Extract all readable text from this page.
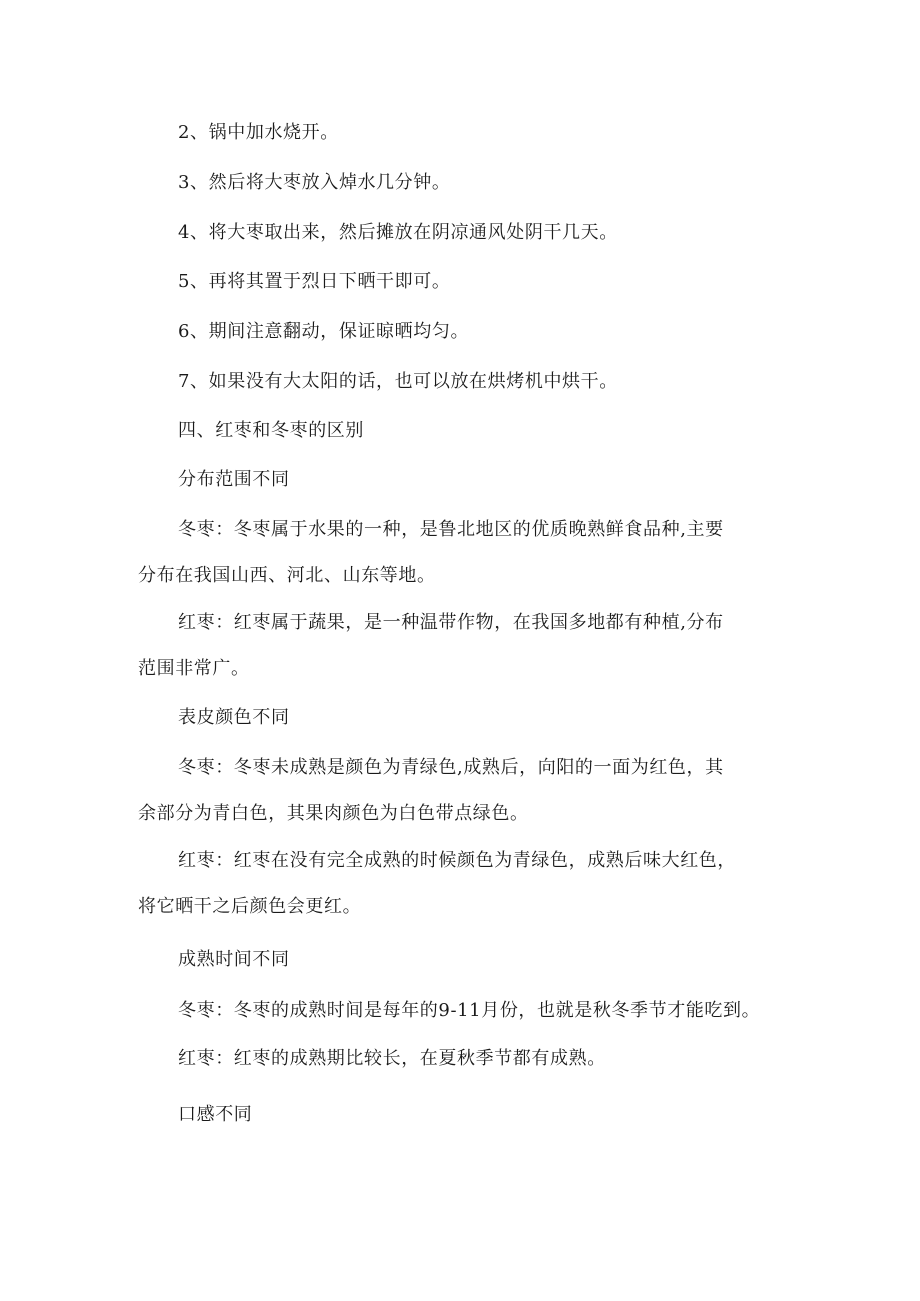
2、锅中加水烧开。
3、然后将大枣放入焯水几分钟。
4、将大枣取出来，然后摊放在阴凉通风处阴干几天。
5、再将其置于烈日下晒干即可。
6、期间注意翻动，保证晾晒均匀。
7、如果没有大太阳的话，也可以放在烘烤机中烘干。
四、红枣和冬枣的区别
分布范围不同
冬枣：冬枣属于水果的一种，是鲁北地区的优质晚熟鲜食品种,主要
分布在我国山西、河北、山东等地。
红枣：红枣属于蔬果，是一种温带作物，在我国多地都有种植,分布
范围非常广。
表皮颜色不同
冬枣：冬枣未成熟是颜色为青绿色,成熟后，向阳的一面为红色，其
余部分为青白色，其果肉颜色为白色带点绿色。
红枣：红枣在没有完全成熟的时候颜色为青绿色，成熟后味大红色，
将它晒干之后颜色会更红。
成熟时间不同
冬枣：冬枣的成熟时间是每年的9-11月份，也就是秋冬季节才能吃到。
红枣：红枣的成熟期比较长，在夏秋季节都有成熟。
口感不同
